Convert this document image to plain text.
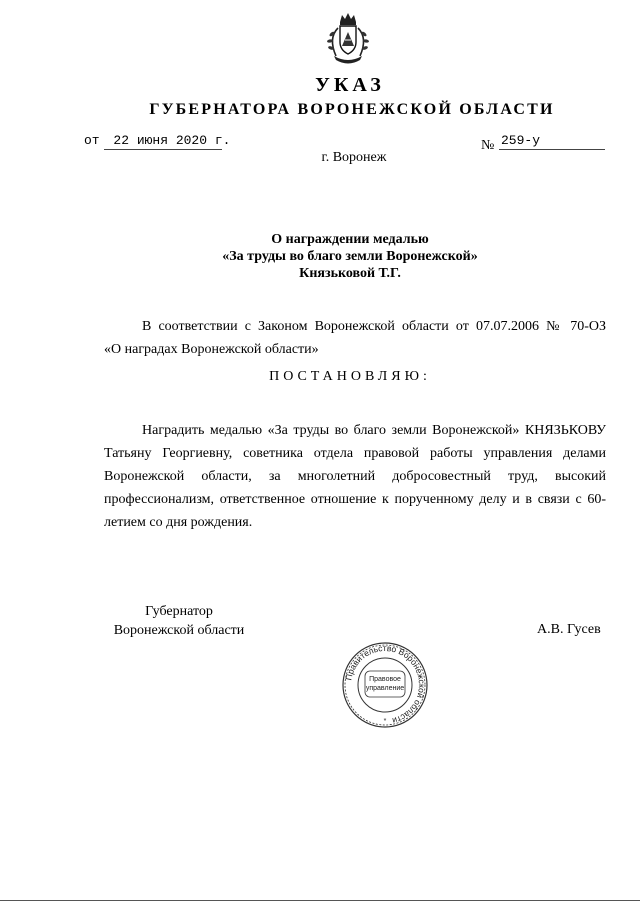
УКАЗ
ГУБЕРНАТОРА ВОРОНЕЖСКОЙ ОБЛАСТИ
от 22 июня 2020 г.	№ 259-у
г. Воронеж
О награждении медалью
«За труды во благо земли Воронежской»
Князьковой Т.Г.
В соответствии с Законом Воронежской области от 07.07.2006 № 70-ОЗ
«О наградах Воронежской области»
ПОСТАНОВЛЯЮ:
Наградить медалью «За труды во благо земли Воронежской» КНЯЗЬКОВУ Татьяну Георгиевну, советника отдела правовой работы управления делами Воронежской области, за многолетний добросовестный труд, высокий профессионализм, ответственное отношение к порученному делу и в связи с 60-летием со дня рождения.
Губернатор
Воронежской области	А.В. Гусев
Правительство Воронежской области
Правовое
управление
*
